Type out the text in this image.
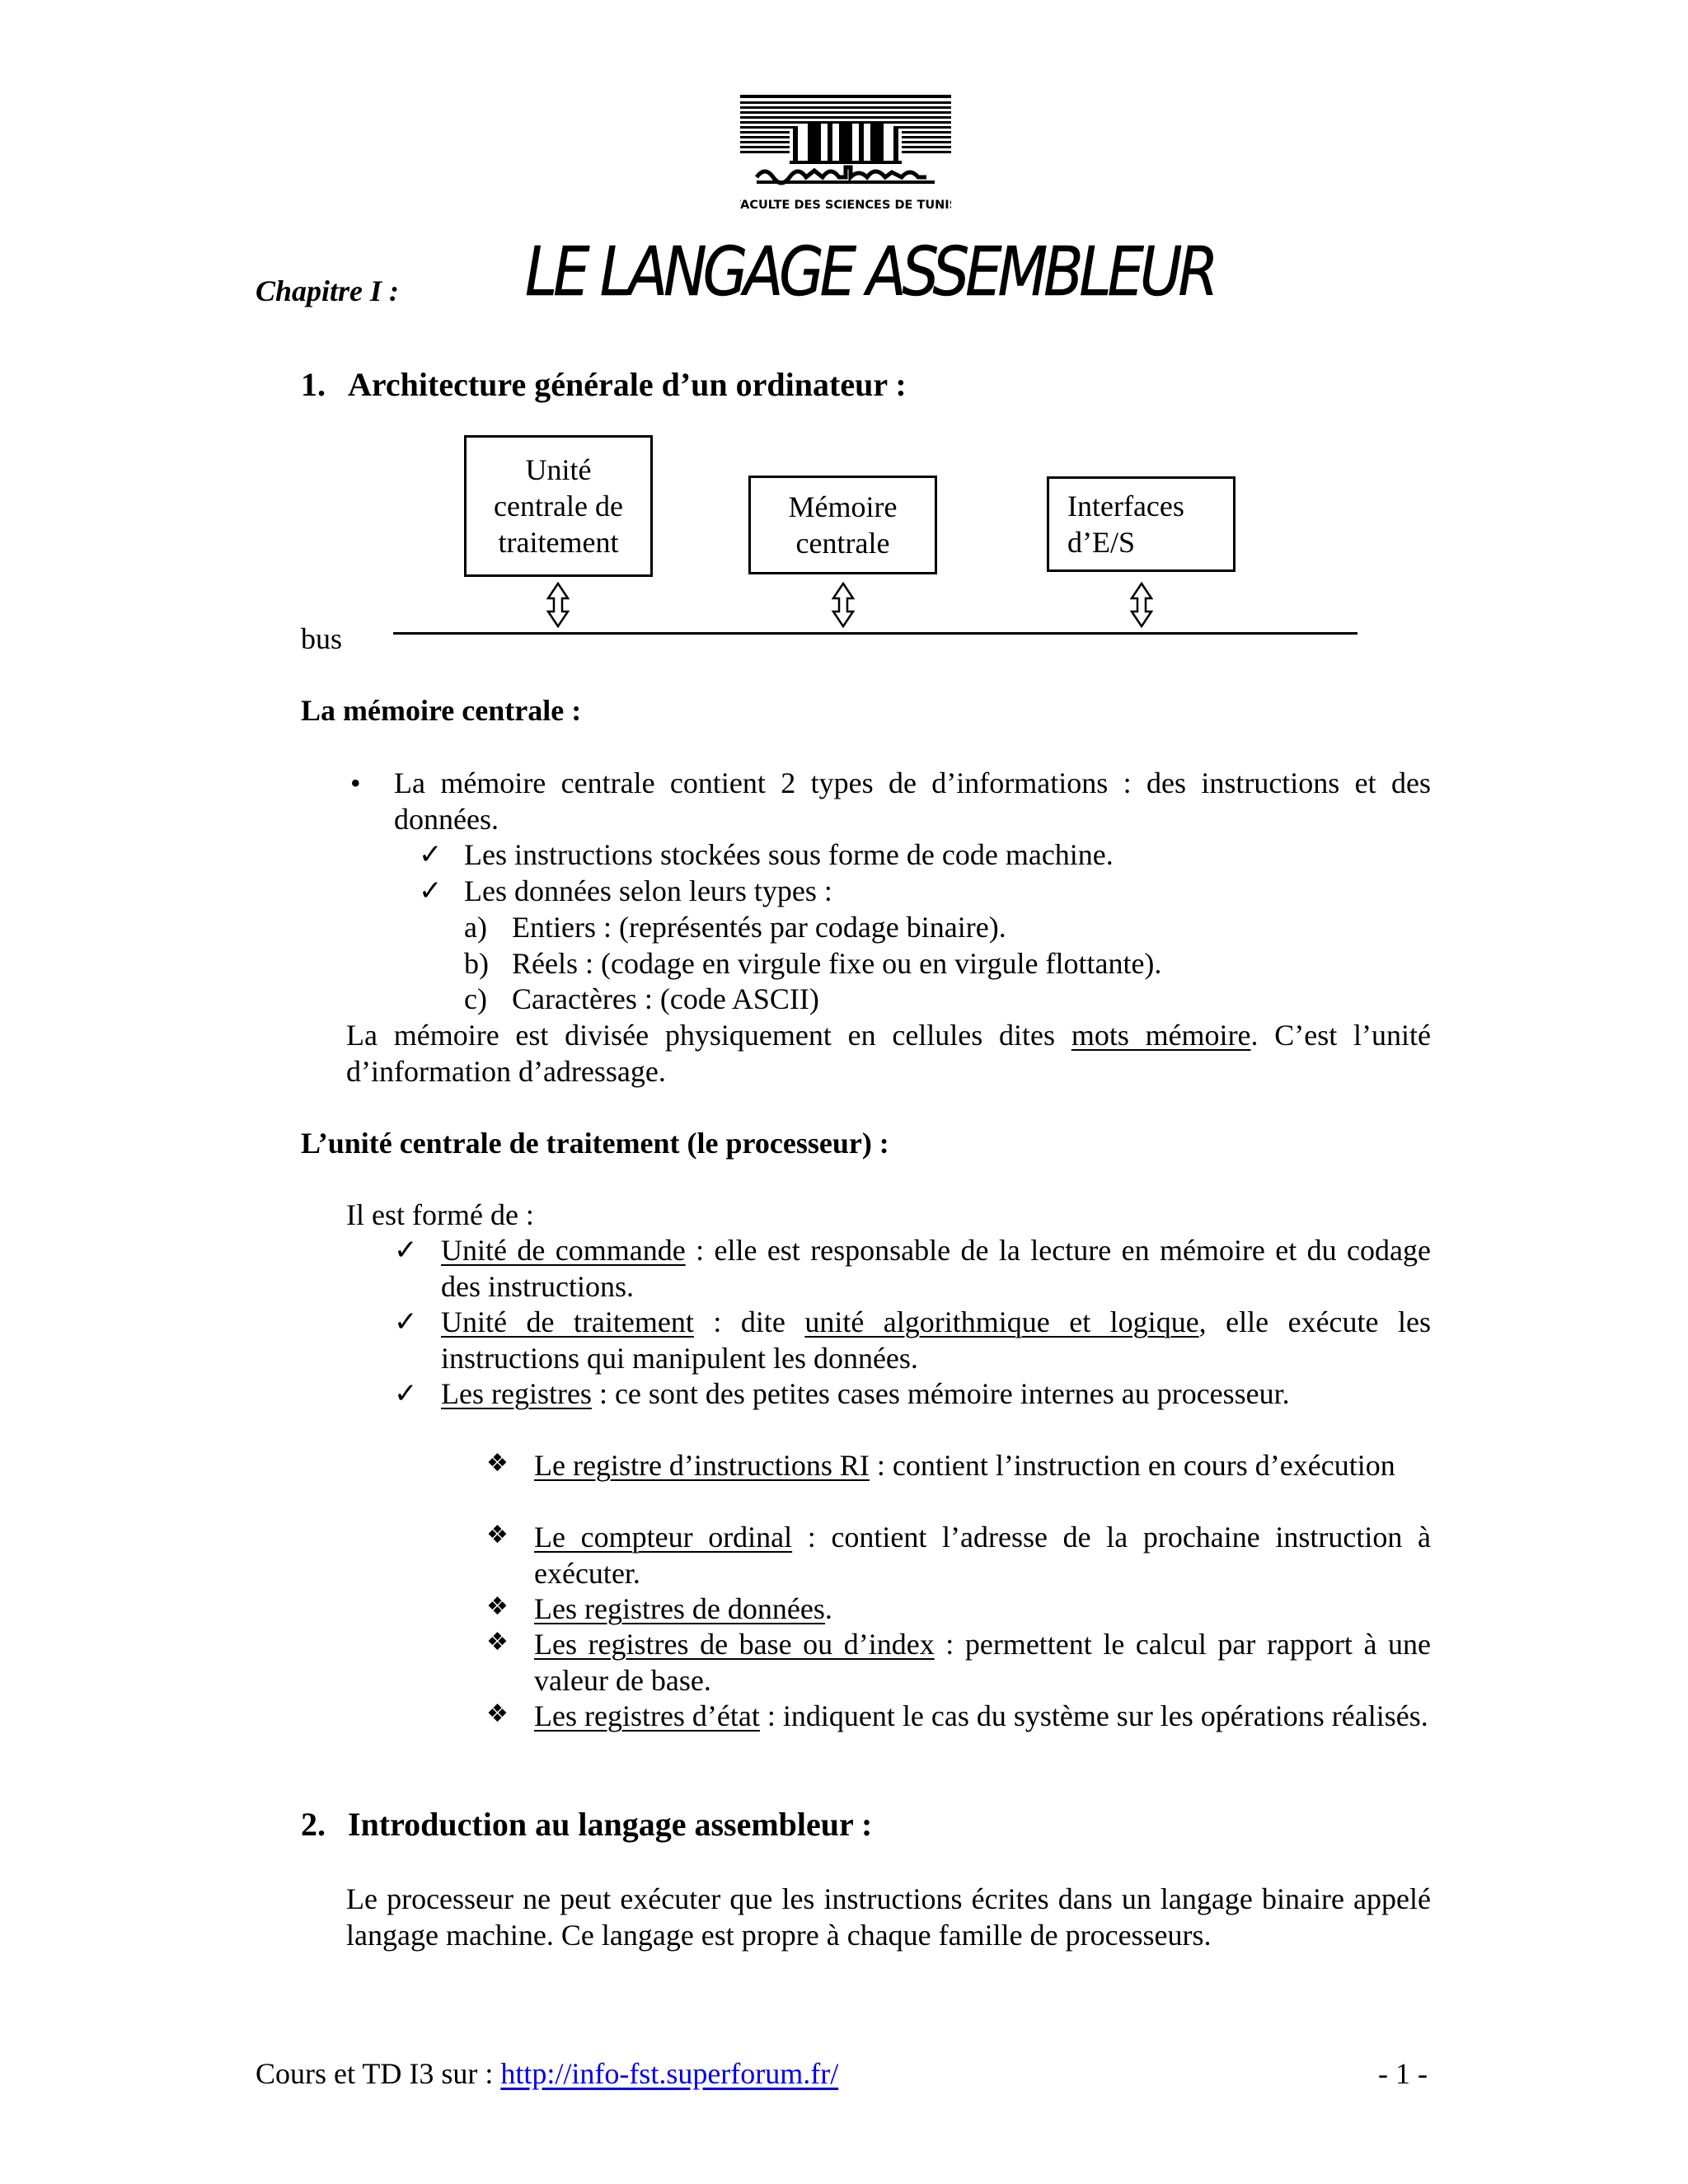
FACULTE DES SCIENCES DE TUNIS
Chapitre I : LE LANGAGE ASSEMBLEUR
1. Architecture générale d’un ordinateur :
Unité
centrale de
traitement
Mémoire
centrale
Interfaces
d’E/S
bus
La mémoire centrale :
• La mémoire centrale contient 2 types de d’informations : des instructions et des données.
✓ Les instructions stockées sous forme de code machine.
✓ Les données selon leurs types :
a) Entiers : (représentés par codage binaire).
b) Réels : (codage en virgule fixe ou en virgule flottante).
c) Caractères : (code ASCII)
La mémoire est divisée physiquement en cellules dites mots mémoire. C’est l’unité d’information d’adressage.
L’unité centrale de traitement (le processeur) :
Il est formé de :
✓ Unité de commande : elle est responsable de la lecture en mémoire et du codage des instructions.
✓ Unité de traitement : dite unité algorithmique et logique, elle exécute les instructions qui manipulent les données.
✓ Les registres : ce sont des petites cases mémoire internes au processeur.
❖ Le registre d’instructions RI : contient l’instruction en cours d’exécution
❖ Le compteur ordinal : contient l’adresse de la prochaine instruction à exécuter.
❖ Les registres de données.
❖ Les registres de base ou d’index : permettent le calcul par rapport à une valeur de base.
❖ Les registres d’état : indiquent le cas du système sur les opérations réalisés.
2. Introduction au langage assembleur :
Le processeur ne peut exécuter que les instructions écrites dans un langage binaire appelé langage machine. Ce langage est propre à chaque famille de processeurs.
Cours et TD I3 sur : http://info-fst.superforum.fr/	- 1 -
